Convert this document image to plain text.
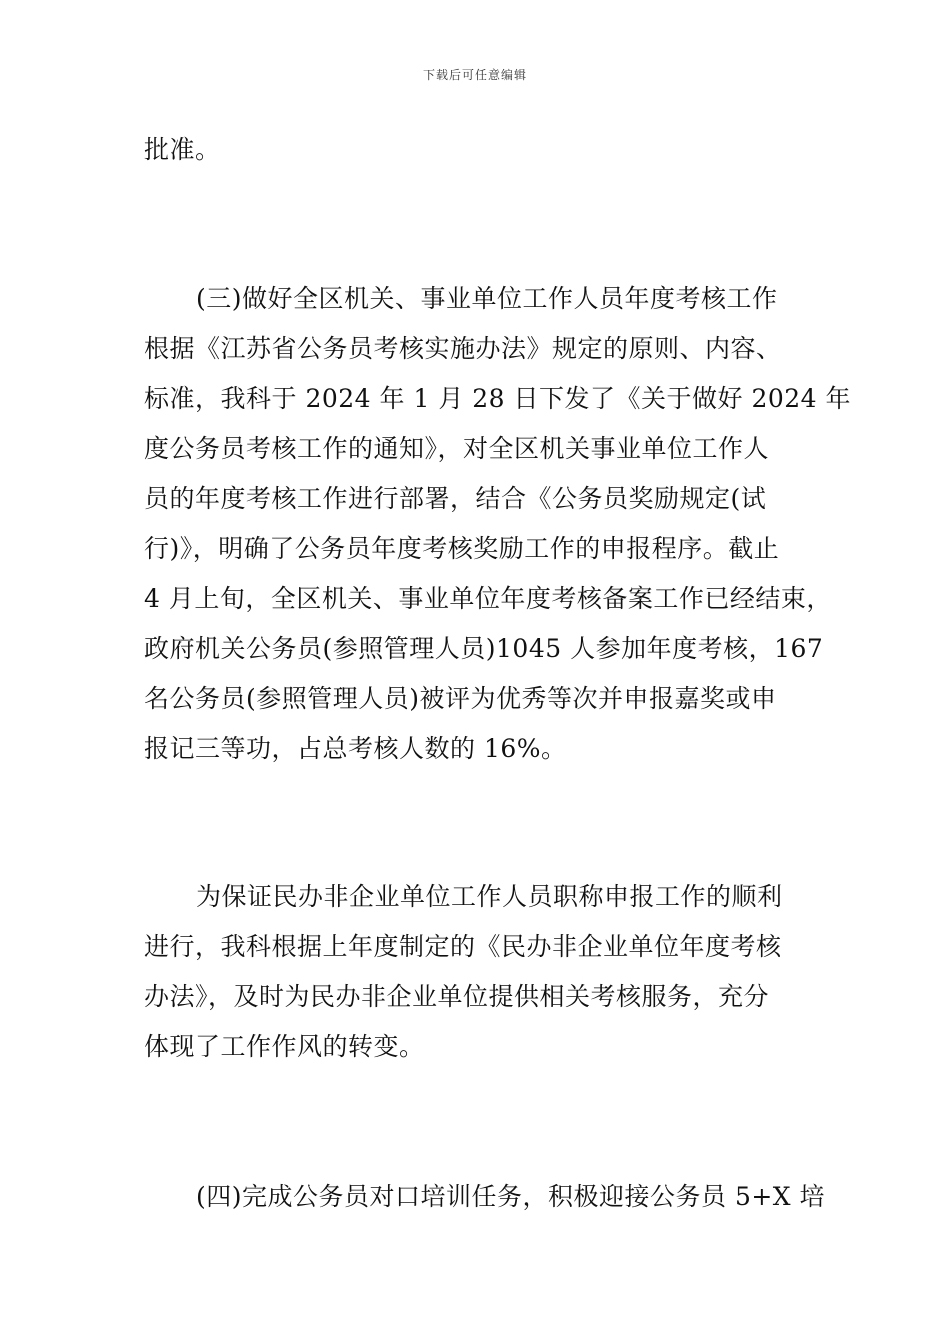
下载后可任意编辑
批准。
(三)做好全区机关、事业单位工作人员年度考核工作
根据《江苏省公务员考核实施办法》规定的原则、内容、
标准，我科于 2024 年 1 月 28 日下发了《关于做好 2024 年
度公务员考核工作的通知》，对全区机关事业单位工作人
员的年度考核工作进行部署，结合《公务员奖励规定(试
行)》，明确了公务员年度考核奖励工作的申报程序。截止
4 月上旬，全区机关、事业单位年度考核备案工作已经结束，
政府机关公务员(参照管理人员)1045 人参加年度考核，167
名公务员(参照管理人员)被评为优秀等次并申报嘉奖或申
报记三等功，占总考核人数的 16%。
为保证民办非企业单位工作人员职称申报工作的顺利
进行，我科根据上年度制定的《民办非企业单位年度考核
办法》，及时为民办非企业单位提供相关考核服务，充分
体现了工作作风的转变。
(四)完成公务员对口培训任务，积极迎接公务员 5+X 培
